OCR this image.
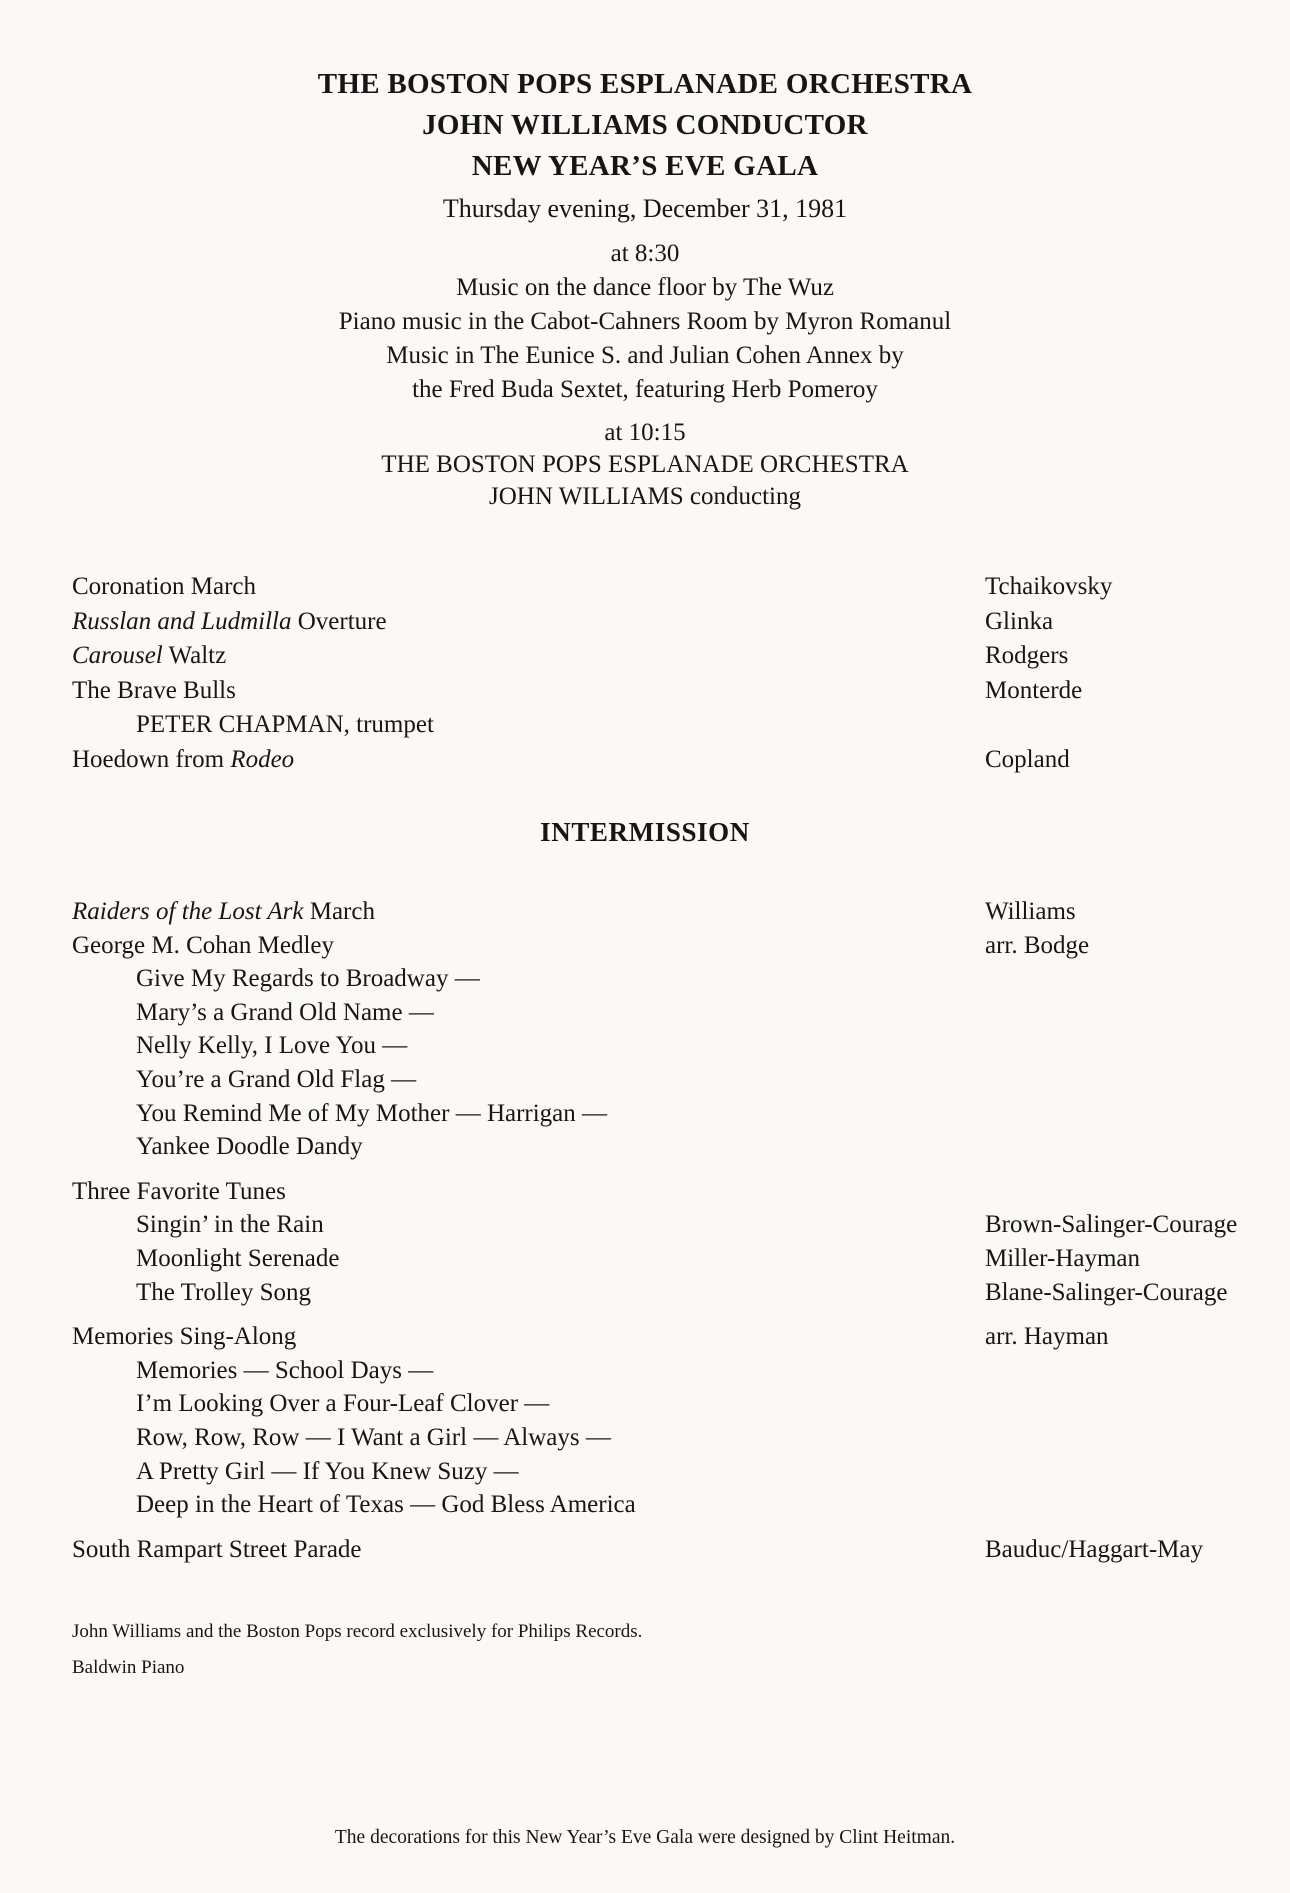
THE BOSTON POPS ESPLANADE ORCHESTRA
JOHN WILLIAMS CONDUCTOR
NEW YEAR’S EVE GALA
Thursday evening, December 31, 1981
at 8:30
Music on the dance floor by The Wuz
Piano music in the Cabot-Cahners Room by Myron Romanul
Music in The Eunice S. and Julian Cohen Annex by
the Fred Buda Sextet, featuring Herb Pomeroy
at 10:15
THE BOSTON POPS ESPLANADE ORCHESTRA
JOHN WILLIAMS conducting
Coronation March	Tchaikovsky
Russlan and Ludmilla Overture	Glinka
Carousel Waltz	Rodgers
The Brave Bulls	Monterde
PETER CHAPMAN, trumpet
Hoedown from Rodeo	Copland
INTERMISSION
Raiders of the Lost Ark March	Williams
George M. Cohan Medley	arr. Bodge
Give My Regards to Broadway —
Mary’s a Grand Old Name —
Nelly Kelly, I Love You —
You’re a Grand Old Flag —
You Remind Me of My Mother — Harrigan —
Yankee Doodle Dandy
Three Favorite Tunes
Singin’ in the Rain	Brown-Salinger-Courage
Moonlight Serenade	Miller-Hayman
The Trolley Song	Blane-Salinger-Courage
Memories Sing-Along	arr. Hayman
Memories — School Days —
I’m Looking Over a Four-Leaf Clover —
Row, Row, Row — I Want a Girl — Always —
A Pretty Girl — If You Knew Suzy —
Deep in the Heart of Texas — God Bless America
South Rampart Street Parade	Bauduc/Haggart-May
John Williams and the Boston Pops record exclusively for Philips Records.
Baldwin Piano
The decorations for this New Year’s Eve Gala were designed by Clint Heitman.
